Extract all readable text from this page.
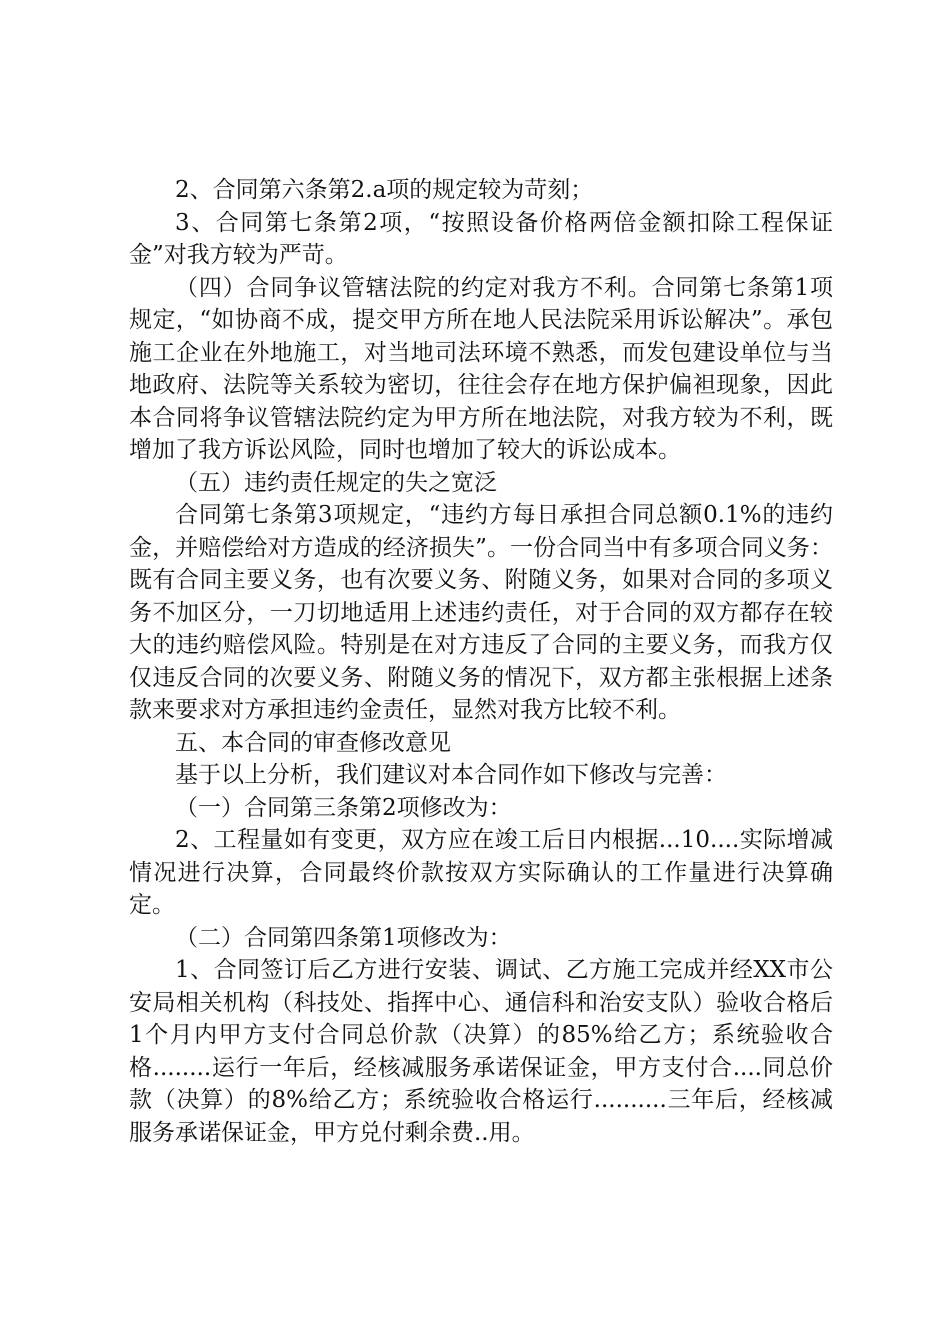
2、合同第六条第2.a项的规定较为苛刻；

3、合同第七条第2项，“按照设备价格两倍金额扣除工程保证金”对我方较为严苛。

（四）合同争议管辖法院的约定对我方不利。合同第七条第1项规定，“如协商不成，提交甲方所在地人民法院采用诉讼解决”。承包施工企业在外地施工，对当地司法环境不熟悉，而发包建设单位与当地政府、法院等关系较为密切，往往会存在地方保护偏袒现象，因此本合同将争议管辖法院约定为甲方所在地法院，对我方较为不利，既增加了我方诉讼风险，同时也增加了较大的诉讼成本。

（五）违约责任规定的失之宽泛

合同第七条第3项规定，“违约方每日承担合同总额0.1%的违约金，并赔偿给对方造成的经济损失”。一份合同当中有多项合同义务：既有合同主要义务，也有次要义务、附随义务，如果对合同的多项义务不加区分，一刀切地适用上述违约责任，对于合同的双方都存在较大的违约赔偿风险。特别是在对方违反了合同的主要义务，而我方仅仅违反合同的次要义务、附随义务的情况下，双方都主张根据上述条款来要求对方承担违约金责任，显然对我方比较不利。

五、本合同的审查修改意见

基于以上分析，我们建议对本合同作如下修改与完善：

（一）合同第三条第2项修改为：

2、工程量如有变更，双方应在竣工后日内根据...10....实际增减情况进行决算，合同最终价款按双方实际确认的工作量进行决算确定。

（二）合同第四条第1项修改为：

1、合同签订后乙方进行安装、调试、乙方施工完成并经XX市公安局相关机构（科技处、指挥中心、通信科和治安支队）验收合格后1个月内甲方支付合同总价款（决算）的85%给乙方；系统验收合格........运行一年后，经核减服务承诺保证金，甲方支付合....同总价款（决算）的8%给乙方；系统验收合格运行..........三年后，经核减服务承诺保证金，甲方兑付剩余费..用。
